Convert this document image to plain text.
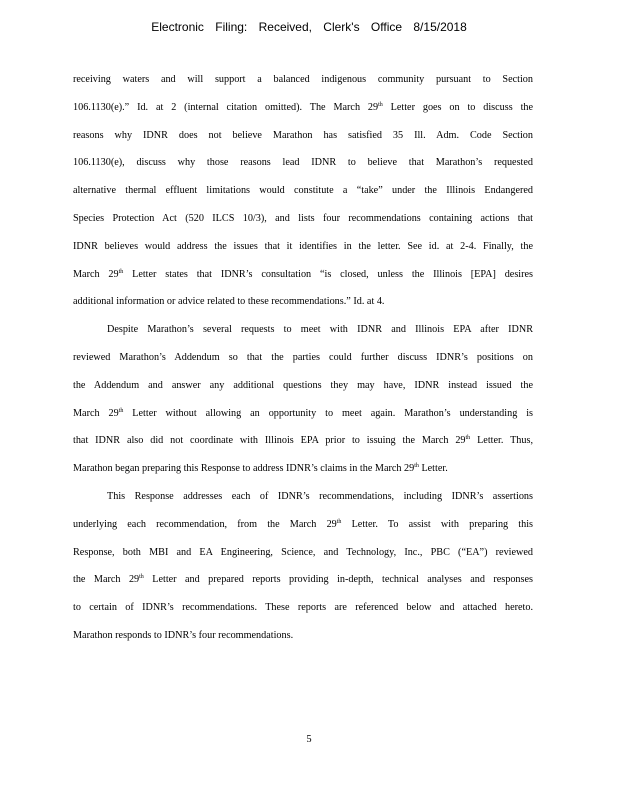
Electronic Filing: Received, Clerk's Office 8/15/2018
receiving waters and will support a balanced indigenous community pursuant to Section
106.1130(e).” Id. at 2 (internal citation omitted). The March 29th Letter goes on to discuss the
reasons why IDNR does not believe Marathon has satisfied 35 Ill. Adm. Code Section
106.1130(e), discuss why those reasons lead IDNR to believe that Marathon’s requested
alternative thermal effluent limitations would constitute a “take” under the Illinois Endangered
Species Protection Act (520 ILCS 10/3), and lists four recommendations containing actions that
IDNR believes would address the issues that it identifies in the letter. See id. at 2-4. Finally, the
March 29th Letter states that IDNR’s consultation “is closed, unless the Illinois [EPA] desires
additional information or advice related to these recommendations.” Id. at 4.
Despite Marathon’s several requests to meet with IDNR and Illinois EPA after IDNR
reviewed Marathon’s Addendum so that the parties could further discuss IDNR’s positions on
the Addendum and answer any additional questions they may have, IDNR instead issued the
March 29th Letter without allowing an opportunity to meet again. Marathon’s understanding is
that IDNR also did not coordinate with Illinois EPA prior to issuing the March 29th Letter. Thus,
Marathon began preparing this Response to address IDNR’s claims in the March 29th Letter.
This Response addresses each of IDNR’s recommendations, including IDNR’s assertions
underlying each recommendation, from the March 29th Letter. To assist with preparing this
Response, both MBI and EA Engineering, Science, and Technology, Inc., PBC (“EA”) reviewed
the March 29th Letter and prepared reports providing in-depth, technical analyses and responses
to certain of IDNR’s recommendations. These reports are referenced below and attached hereto.
Marathon responds to IDNR’s four recommendations.
5
